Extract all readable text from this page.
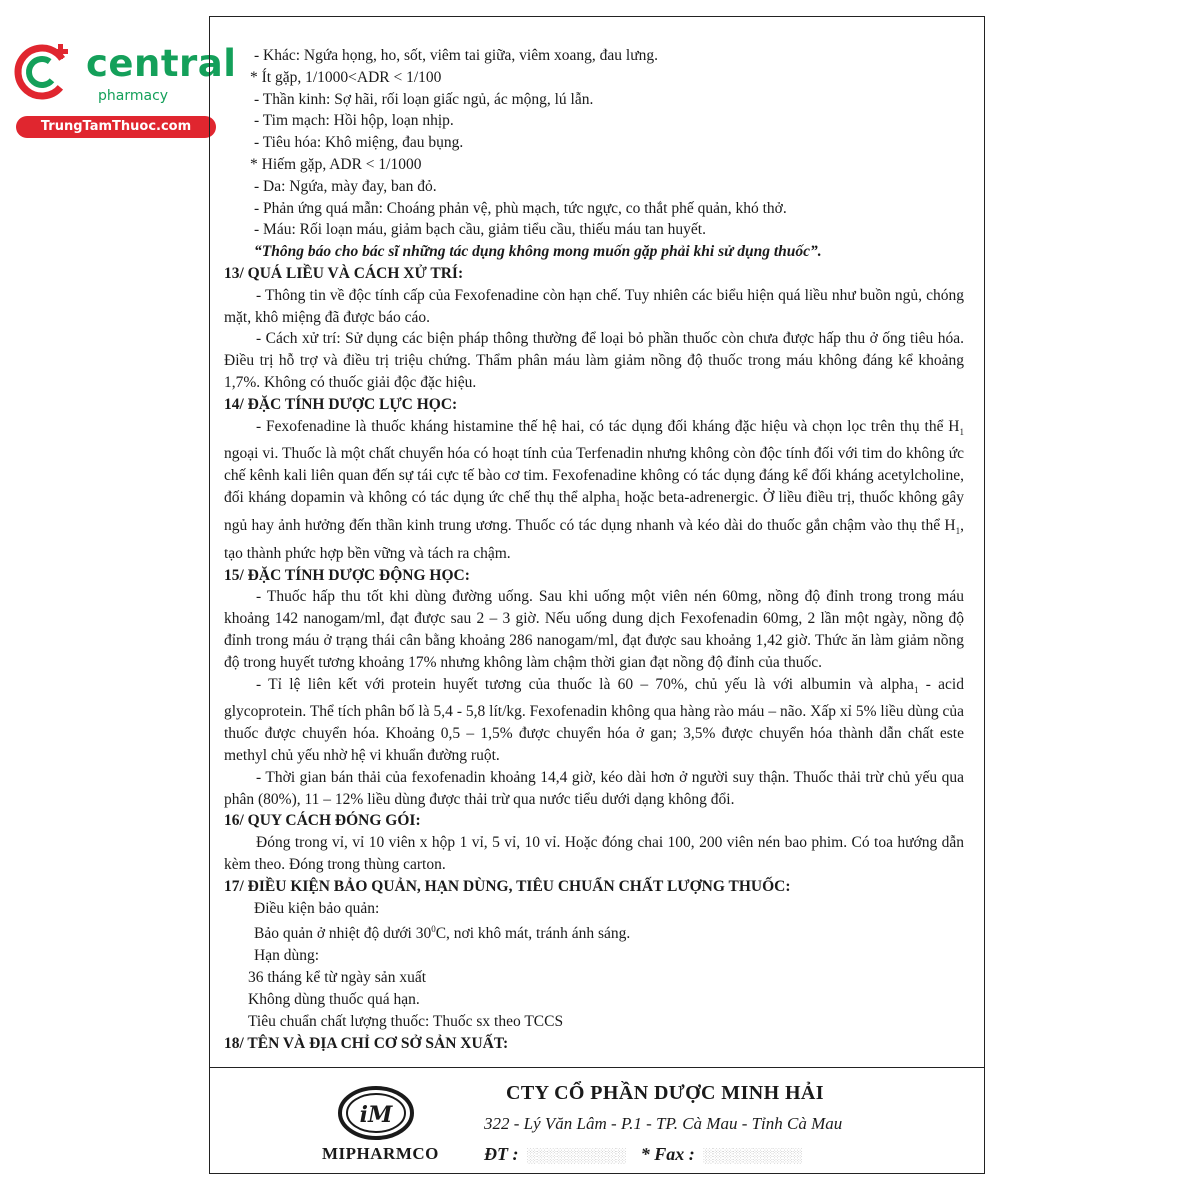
central
pharmacy
TrungTamThuoc.com
- Khác: Ngứa họng, ho, sốt, viêm tai giữa, viêm xoang, đau lưng.
* Ít gặp, 1/1000<ADR < 1/100
- Thần kinh: Sợ hãi, rối loạn giấc ngủ, ác mộng, lú lẫn.
- Tim mạch: Hồi hộp, loạn nhịp.
- Tiêu hóa: Khô miệng, đau bụng.
* Hiếm gặp, ADR < 1/1000
- Da: Ngứa, mày đay, ban đỏ.
- Phản ứng quá mẫn: Choáng phản vệ, phù mạch, tức ngực, co thắt phế quản, khó thở.
- Máu: Rối loạn máu, giảm bạch cầu, giảm tiểu cầu, thiếu máu tan huyết.
“Thông báo cho bác sĩ những tác dụng không mong muốn gặp phải khi sử dụng thuốc”.
13/ QUÁ LIỀU VÀ CÁCH XỬ TRÍ:
- Thông tin về độc tính cấp của Fexofenadine còn hạn chế. Tuy nhiên các biểu hiện quá liều như buồn ngủ, chóng mặt, khô miệng đã được báo cáo.
- Cách xử trí: Sử dụng các biện pháp thông thường để loại bỏ phần thuốc còn chưa được hấp thu ở ống tiêu hóa. Điều trị hỗ trợ và điều trị triệu chứng. Thẩm phân máu làm giảm nồng độ thuốc trong máu không đáng kể khoảng 1,7%. Không có thuốc giải độc đặc hiệu.
14/ ĐẶC TÍNH DƯỢC LỰC HỌC:
- Fexofenadine là thuốc kháng histamine thế hệ hai, có tác dụng đối kháng đặc hiệu và chọn lọc trên thụ thể $H_1$ ngoại vi. Thuốc là một chất chuyển hóa có hoạt tính của Terfenadin nhưng không còn độc tính đối với tim do không ức chế kênh kali liên quan đến sự tái cực tế bào cơ tim. Fexofenadine không có tác dụng đáng kể đối kháng acetylcholine, đối kháng dopamin và không có tác dụng ức chế thụ thể alpha$_1$ hoặc beta-adrenergic. Ở liều điều trị, thuốc không gây ngủ hay ảnh hưởng đến thần kinh trung ương. Thuốc có tác dụng nhanh và kéo dài do thuốc gắn chậm vào thụ thể $H_1$, tạo thành phức hợp bền vững và tách ra chậm.
15/ ĐẶC TÍNH DƯỢC ĐỘNG HỌC:
- Thuốc hấp thu tốt khi dùng đường uống. Sau khi uống một viên nén 60mg, nồng độ đỉnh trong trong máu khoảng 142 nanogam/ml, đạt được sau 2 – 3 giờ. Nếu uống dung dịch Fexofenadin 60mg, 2 lần một ngày, nồng độ đỉnh trong máu ở trạng thái cân bằng khoảng 286 nanogam/ml, đạt được sau khoảng 1,42 giờ. Thức ăn làm giảm nồng độ trong huyết tương khoảng 17% nhưng không làm chậm thời gian đạt nồng độ đỉnh của thuốc.
- Tỉ lệ liên kết với protein huyết tương của thuốc là 60 – 70%, chủ yếu là với albumin và alpha$_1$ - acid glycoprotein. Thể tích phân bố là 5,4 - 5,8 lít/kg. Fexofenadin không qua hàng rào máu – não. Xấp xỉ 5% liều dùng của thuốc được chuyển hóa. Khoảng 0,5 – 1,5% được chuyển hóa ở gan; 3,5% được chuyển hóa thành dẫn chất este methyl chủ yếu nhờ hệ vi khuẩn đường ruột.
- Thời gian bán thải của fexofenadin khoảng 14,4 giờ, kéo dài hơn ở người suy thận. Thuốc thải trừ chủ yếu qua phân (80%), 11 – 12% liều dùng được thải trừ qua nước tiểu dưới dạng không đổi.
16/ QUY CÁCH ĐÓNG GÓI:
Đóng trong vỉ, vỉ 10 viên x hộp 1 vỉ, 5 vỉ, 10 vỉ. Hoặc đóng chai 100, 200 viên nén bao phim. Có toa hướng dẫn kèm theo. Đóng trong thùng carton.
17/ ĐIỀU KIỆN BẢO QUẢN, HẠN DÙNG, TIÊU CHUẨN CHẤT LƯỢNG THUỐC:
Điều kiện bảo quản:
Bảo quản ở nhiệt độ dưới $30^0C$, nơi khô mát, tránh ánh sáng.
Hạn dùng:
36 tháng kể từ ngày sản xuất
Không dùng thuốc quá hạn.
Tiêu chuẩn chất lượng thuốc: Thuốc sx theo TCCS
18/ TÊN VÀ ĐỊA CHỈ CƠ SỞ SẢN XUẤT:
iM
MIPHARMCO
CTY CỔ PHẦN DƯỢC MINH HẢI
322 - Lý Văn Lâm - P.1 - TP. Cà Mau - Tỉnh Cà Mau
ĐT :  ░░░░░░░░░░    * Fax :  ░░░░░░░░░░
